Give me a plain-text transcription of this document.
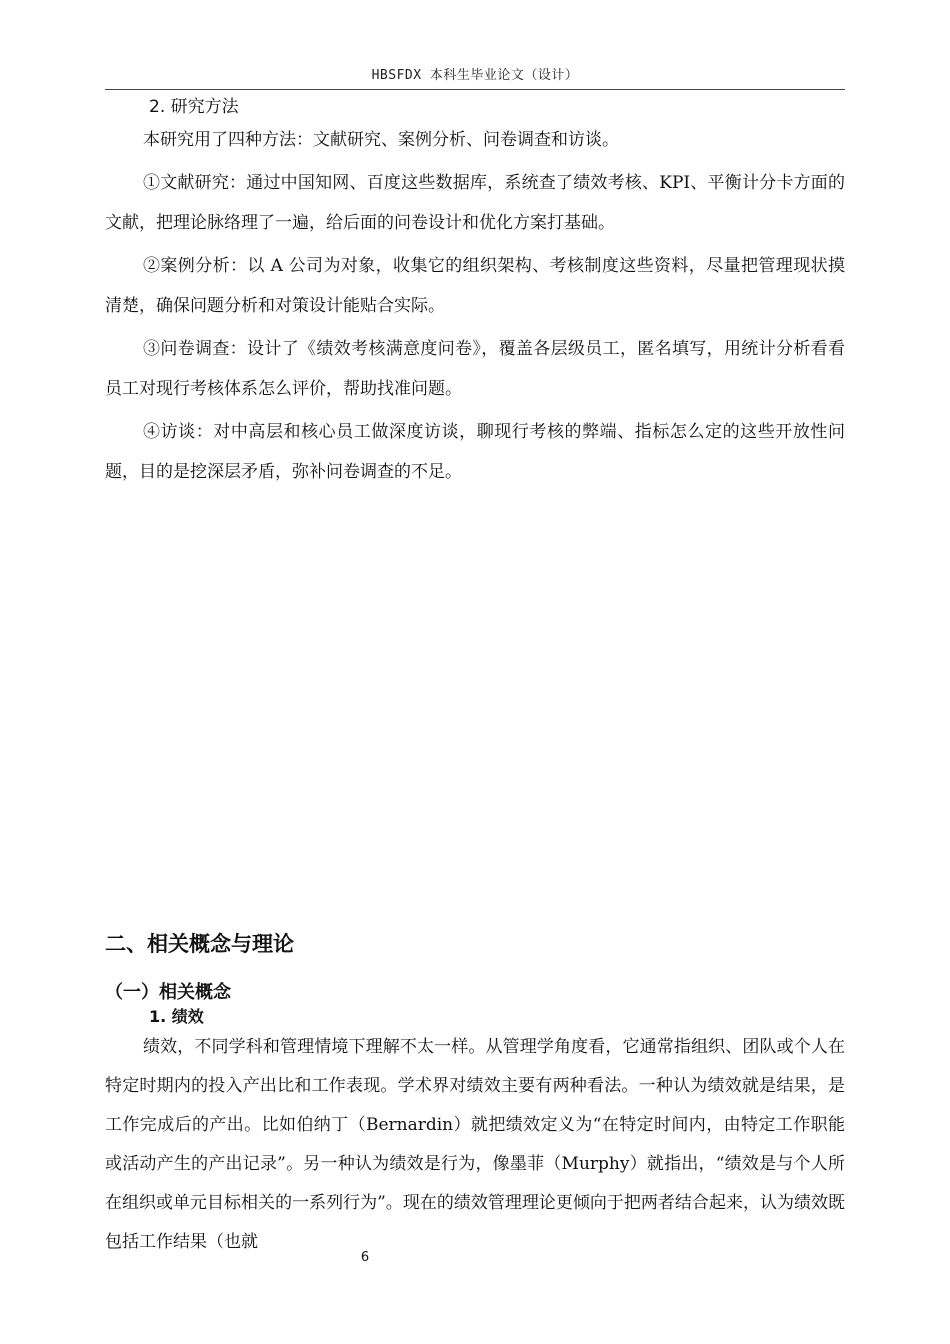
HBSFDX 本科生毕业论文（设计）
2. 研究方法

本研究用了四种方法：文献研究、案例分析、问卷调查和访谈。

①文献研究：通过中国知网、百度这些数据库，系统查了绩效考核、KPI、平衡计分卡方面的文献，把理论脉络理了一遍，给后面的问卷设计和优化方案打基础。

②案例分析：以 A 公司为对象，收集它的组织架构、考核制度这些资料，尽量把管理现状摸清楚，确保问题分析和对策设计能贴合实际。

③问卷调查：设计了《绩效考核满意度问卷》，覆盖各层级员工，匿名填写，用统计分析看看员工对现行考核体系怎么评价，帮助找准问题。

④访谈：对中高层和核心员工做深度访谈，聊现行考核的弊端、指标怎么定的这些开放性问题，目的是挖深层矛盾，弥补问卷调查的不足。

二、相关概念与理论
（一）相关概念
1. 绩效

绩效，不同学科和管理情境下理解不太一样。从管理学角度看，它通常指组织、团队或个人在特定时期内的投入产出比和工作表现。学术界对绩效主要有两种看法。一种认为绩效就是结果，是工作完成后的产出。比如伯纳丁（Bernardin）就把绩效定义为“在特定时间内，由特定工作职能或活动产生的产出记录”。另一种认为绩效是行为，像墨菲（Murphy）就指出，“绩效是与个人所在组织或单元目标相关的一系列行为”。现在的绩效管理理论更倾向于把两者结合起来，认为绩效既包括工作结果（也就

6
